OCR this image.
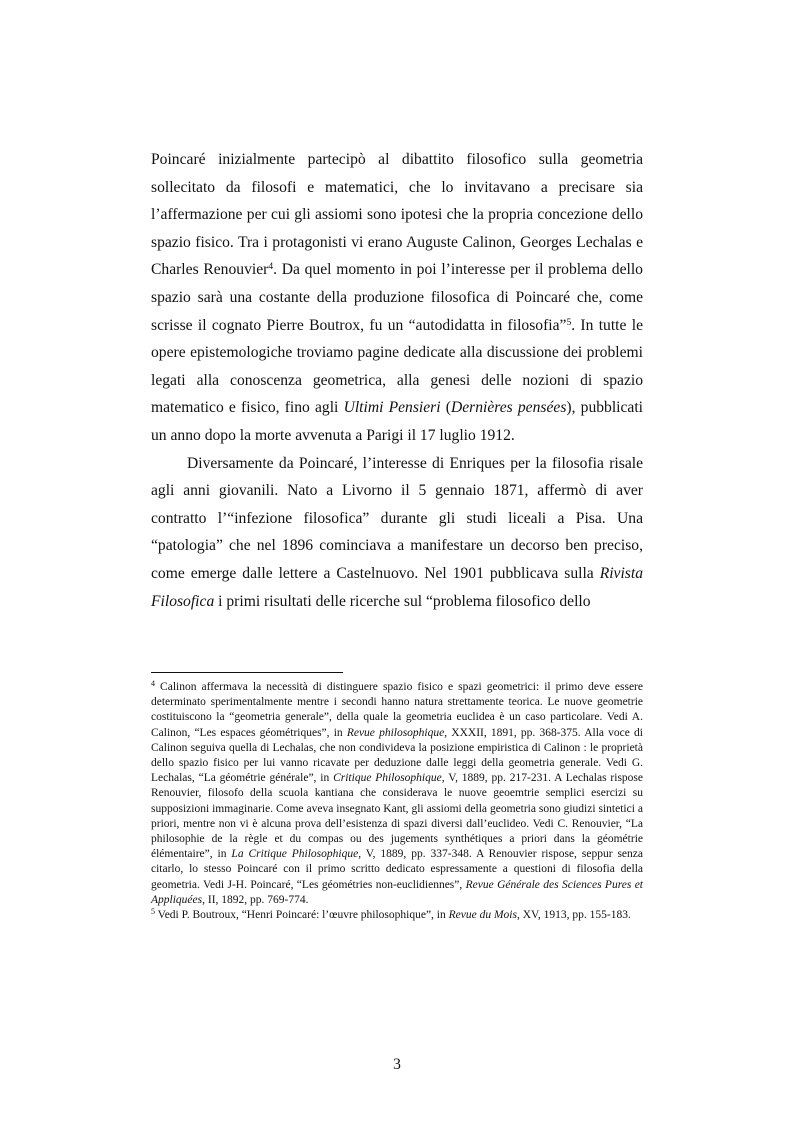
Poincaré inizialmente partecipò al dibattito filosofico sulla geometria sollecitato da filosofi e matematici, che lo invitavano a precisare sia l’affermazione per cui gli assiomi sono ipotesi che la propria concezione dello spazio fisico. Tra i protagonisti vi erano Auguste Calinon, Georges Lechalas e Charles Renouvier$^4$. Da quel momento in poi l’interesse per il problema dello spazio sarà una costante della produzione filosofica di Poincaré che, come scrisse il cognato Pierre Boutrox, fu un “autodidatta in filosofia”$^5$. In tutte le opere epistemologiche troviamo pagine dedicate alla discussione dei problemi legati alla conoscenza geometrica, alla genesi delle nozioni di spazio matematico e fisico, fino agli Ultimi Pensieri (Dernières pensées), pubblicati un anno dopo la morte avvenuta a Parigi il 17 luglio 1912.

Diversamente da Poincaré, l’interesse di Enriques per la filosofia risale agli anni giovanili. Nato a Livorno il 5 gennaio 1871, affermò di aver contratto l’“infezione filosofica” durante gli studi liceali a Pisa. Una “patologia” che nel 1896 cominciava a manifestare un decorso ben preciso, come emerge dalle lettere a Castelnuovo. Nel 1901 pubblicava sulla Rivista Filosofica i primi risultati delle ricerche sul “problema filosofico dello

$^4$ Calinon affermava la necessità di distinguere spazio fisico e spazi geometrici: il primo deve essere determinato sperimentalmente mentre i secondi hanno natura strettamente teorica. Le nuove geometrie costituiscono la “geometria generale”, della quale la geometria euclidea è un caso particolare. Vedi A. Calinon, “Les espaces géométriques”, in Revue philosophique, XXXII, 1891, pp. 368-375. Alla voce di Calinon seguiva quella di Lechalas, che non condivideva la posizione empiristica di Calinon : le proprietà dello spazio fisico per lui vanno ricavate per deduzione dalle leggi della geometria generale. Vedi G. Lechalas, “La géométrie générale”, in Critique Philosophique, V, 1889, pp. 217-231. A Lechalas rispose Renouvier, filosofo della scuola kantiana che considerava le nuove geoemtrie semplici esercizi su supposizioni immaginarie. Come aveva insegnato Kant, gli assiomi della geometria sono giudizi sintetici a priori, mentre non vi è alcuna prova dell’esistenza di spazi diversi dall’euclideo. Vedi C. Renouvier, “La philosophie de la règle et du compas ou des jugements synthétiques a priori dans la géométrie élémentaire”, in La Critique Philosophique, V, 1889, pp. 337-348. A Renouvier rispose, seppur senza citarlo, lo stesso Poincaré con il primo scritto dedicato espressamente a questioni di filosofia della geometria. Vedi J-H. Poincaré, “Les géométries non-euclidiennes”, Revue Générale des Sciences Pures et Appliquées, II, 1892, pp. 769-774.

$^5$ Vedi P. Boutroux, “Henri Poincaré: l’œuvre philosophique”, in Revue du Mois, XV, 1913, pp. 155-183.

3
